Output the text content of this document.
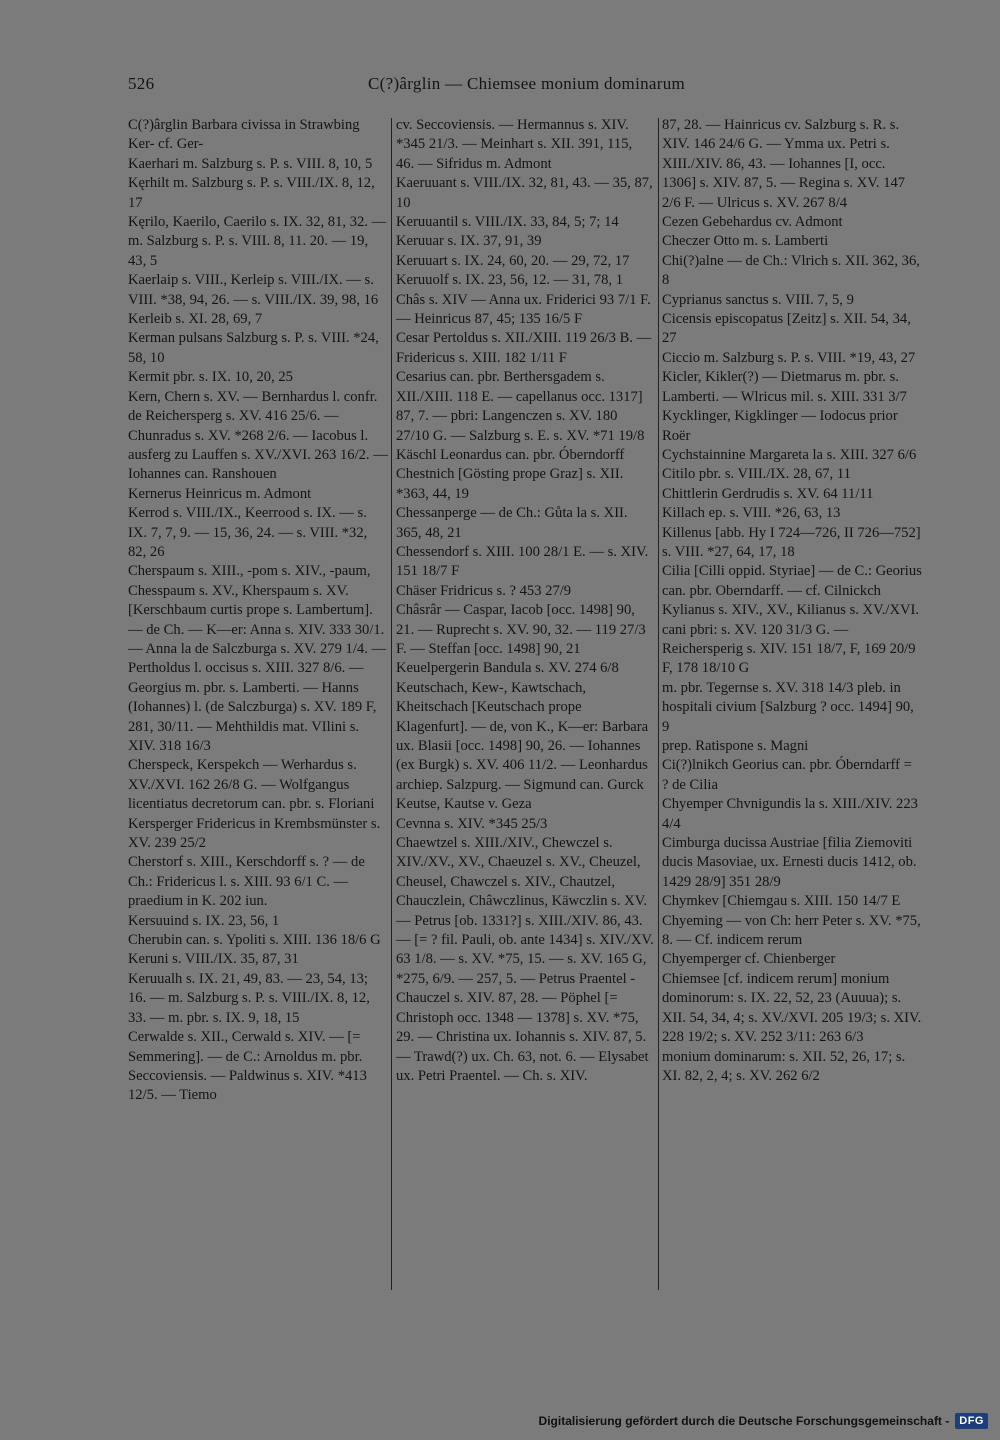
526	C(?)ârglin — Chiemsee monium dominarum

C(?)ârglin Barbara civissa in Strawbing

Ker- cf. Ger-

Kaerhari m. Salzburg s. P. s. VIII. 8, 10, 5

Kęrhilt m. Salzburg s. P. s. VIII./IX. 8, 12, 17

Kęrilo, Kaerilo, Caerilo s. IX. 32, 81, 32. — m. Salzburg s. P. s. VIII. 8, 11. 20. — 19, 43, 5

Kaerlaip s. VIII., Kerleip s. VIII./IX. — s. VIII. *38, 94, 26. — s. VIII./IX. 39, 98, 16

Kerleib s. XI. 28, 69, 7

Kerman pulsans Salzburg s. P. s. VIII. *24, 58, 10

Kermit pbr. s. IX. 10, 20, 25

Kern, Chern s. XV. — Bernhardus l. confr. de Reichersperg s. XV. 416 25/6. — Chunradus s. XV. *268 2/6. — Iacobus l. ausferg zu Lauffen s. XV./XVI. 263 16/2. — Iohannes can. Ranshouen

Kernerus Heinricus m. Admont

Kerrod s. VIII./IX., Keerrood s. IX. — s. IX. 7, 7, 9. — 15, 36, 24. — s. VIII. *32, 82, 26

Cherspaum s. XIII., -pom s. XIV., -paum, Chesspaum s. XV., Kherspaum s. XV. [Kerschbaum curtis prope s. Lambertum]. — de Ch. — K—er: Anna s. XIV. 333 30/1. — Anna la de Salczburga s. XV. 279 1/4. — Pertholdus l. occisus s. XIII. 327 8/6. — Georgius m. pbr. s. Lamberti. — Hanns (Iohannes) l. (de Salczburga) s. XV. 189 F, 281, 30/11. — Mehthildis mat. VIlini s. XIV. 318 16/3

Cherspeck, Kerspekch — Werhardus s. XV./XVI. 162 26/8 G. — Wolfgangus licentiatus decretorum can. pbr. s. Floriani

Kersperger Fridericus in Krembsmünster s. XV. 239 25/2

Cherstorf s. XIII., Kerschdorff s. ? — de Ch.: Fridericus l. s. XIII. 93 6/1 C. — praedium in K. 202 iun.

Kersuuind s. IX. 23, 56, 1

Cherubin can. s. Ypoliti s. XIII. 136 18/6 G

Keruni s. VIII./IX. 35, 87, 31

Keruualh s. IX. 21, 49, 83. — 23, 54, 13; 16. — m. Salzburg s. P. s. VIII./IX. 8, 12, 33. — m. pbr. s. IX. 9, 18, 15

Cerwalde s. XII., Cerwald s. XIV. — [= Semmering]. — de C.: Arnoldus m. pbr. Seccoviensis. — Paldwinus s. XIV. *413 12/5. — Tiemo

cv. Seccoviensis. — Hermannus s. XIV. *345 21/3. — Meinhart s. XII. 391, 115, 46. — Sifridus m. Admont

Kaeruuant s. VIII./IX. 32, 81, 43. — 35, 87, 10

Keruuantil s. VIII./IX. 33, 84, 5; 7; 14

Keruuar s. IX. 37, 91, 39

Keruuart s. IX. 24, 60, 20. — 29, 72, 17

Keruuolf s. IX. 23, 56, 12. — 31, 78, 1

Châs s. XIV — Anna ux. Friderici 93 7/1 F. — Heinricus 87, 45; 135 16/5 F

Cesar Pertoldus s. XII./XIII. 119 26/3 B. — Fridericus s. XIII. 182 1/11 F

Cesarius can. pbr. Berthersgadem s. XII./XIII. 118 E. — capellanus occ. 1317] 87, 7. — pbri: Langenczen s. XV. 180 27/10 G. — Salzburg s. E. s. XV. *71 19/8

Käschl Leonardus can. pbr. Óberndorff

Chestnich [Gösting prope Graz] s. XII. *363, 44, 19

Chessanperge — de Ch.: Gůta la s. XII. 365, 48, 21

Chessendorf s. XIII. 100 28/1 E. — s. XIV. 151 18/7 F

Chäser Fridricus s. ? 453 27/9

Châsrâr — Caspar, Iacob [occ. 1498] 90, 21. — Ruprecht s. XV. 90, 32. — 119 27/3 F. — Steffan [occ. 1498] 90, 21

Keuelpergerin Bandula s. XV. 274 6/8

Keutschach, Kew-, Kawtschach, Kheitschach [Keutschach prope Klagenfurt]. — de, von K., K—er: Barbara ux. Blasii [occ. 1498] 90, 26. — Iohannes (ex Burgk) s. XV. 406 11/2. — Leonhardus archiep. Salzpurg. — Sigmund can. Gurck

Keutse, Kautse v. Geza

Cevnna s. XIV. *345 25/3

Chaewtzel s. XIII./XIV., Chewczel s. XIV./XV., XV., Chaeuzel s. XV., Cheuzel, Cheusel, Chawczel s. XIV., Chautzel, Chauczlein, Châwczlinus, Käwczlin s. XV. — Petrus [ob. 1331?] s. XIII./XIV. 86, 43. — [= ? fil. Pauli, ob. ante 1434] s. XIV./XV. 63 1/8. — s. XV. *75, 15. — s. XV. 165 G, *275, 6/9. — 257, 5. — Petrus Praentel - Chauczel s. XIV. 87, 28. — Pöphel [= Christoph occ. 1348 — 1378] s. XV. *75, 29. — Christina ux. Iohannis s. XIV. 87, 5. — Trawd(?) ux. Ch. 63, not. 6. — Elysabet ux. Petri Praentel. — Ch. s. XIV.

87, 28. — Hainricus cv. Salzburg s. R. s. XIV. 146 24/6 G. — Ymma ux. Petri s. XIII./XIV. 86, 43. — Iohannes [I, occ. 1306] s. XIV. 87, 5. — Regina s. XV. 147 2/6 F. — Ulricus s. XV. 267 8/4

Cezen Gebehardus cv. Admont

Checzer Otto m. s. Lamberti

Chi(?)alne — de Ch.: Vlrich s. XII. 362, 36, 8

Cyprianus sanctus s. VIII. 7, 5, 9

Cicensis episcopatus [Zeitz] s. XII. 54, 34, 27

Ciccio m. Salzburg s. P. s. VIII. *19, 43, 27

Kicler, Kikler(?) — Dietmarus m. pbr. s. Lamberti. — Wlricus mil. s. XIII. 331 3/7

Kycklinger, Kigklinger — Iodocus prior Roër

Cychstainnine Margareta la s. XIII. 327 6/6

Citilo pbr. s. VIII./IX. 28, 67, 11

Chittlerin Gerdrudis s. XV. 64 11/11

Killach ep. s. VIII. *26, 63, 13

Killenus [abb. Hy I 724—726, II 726—752] s. VIII. *27, 64, 17, 18

Cilia [Cilli oppid. Styriae] — de C.: Georius can. pbr. Oberndarff. — cf. Cilnickch

Kylianus s. XIV., XV., Kilianus s. XV./XVI.

cani pbri: s. XV. 120 31/3 G. — Reichersperig s. XIV. 151 18/7, F, 169 20/9 F, 178 18/10 G

m. pbr. Tegernse s. XV. 318 14/3 pleb. in hospitali civium [Salzburg ? occ. 1494] 90, 9

prep. Ratispone s. Magni

Ci(?)lnikch Georius can. pbr. Óberndarff = ? de Cilia

Chyemper Chvnigundis la s. XIII./XIV. 223 4/4

Cimburga ducissa Austriae [filia Ziemoviti ducis Masoviae, ux. Ernesti ducis 1412, ob. 1429 28/9] 351 28/9

Chymkev [Chiemgau s. XIII. 150 14/7 E

Chyeming — von Ch: herr Peter s. XV. *75, 8. — Cf. indicem rerum

Chyemperger cf. Chienberger

Chiemsee [cf. indicem rerum] monium dominorum: s. IX. 22, 52, 23 (Auuua); s. XII. 54, 34, 4; s. XV./XVI. 205 19/3; s. XIV. 228 19/2; s. XV. 252 3/11: 263 6/3

monium dominarum: s. XII. 52, 26, 17; s. XI. 82, 2, 4; s. XV. 262 6/2

Digitalisierung gefördert durch die Deutsche Forschungsgemeinschaft - DFG
